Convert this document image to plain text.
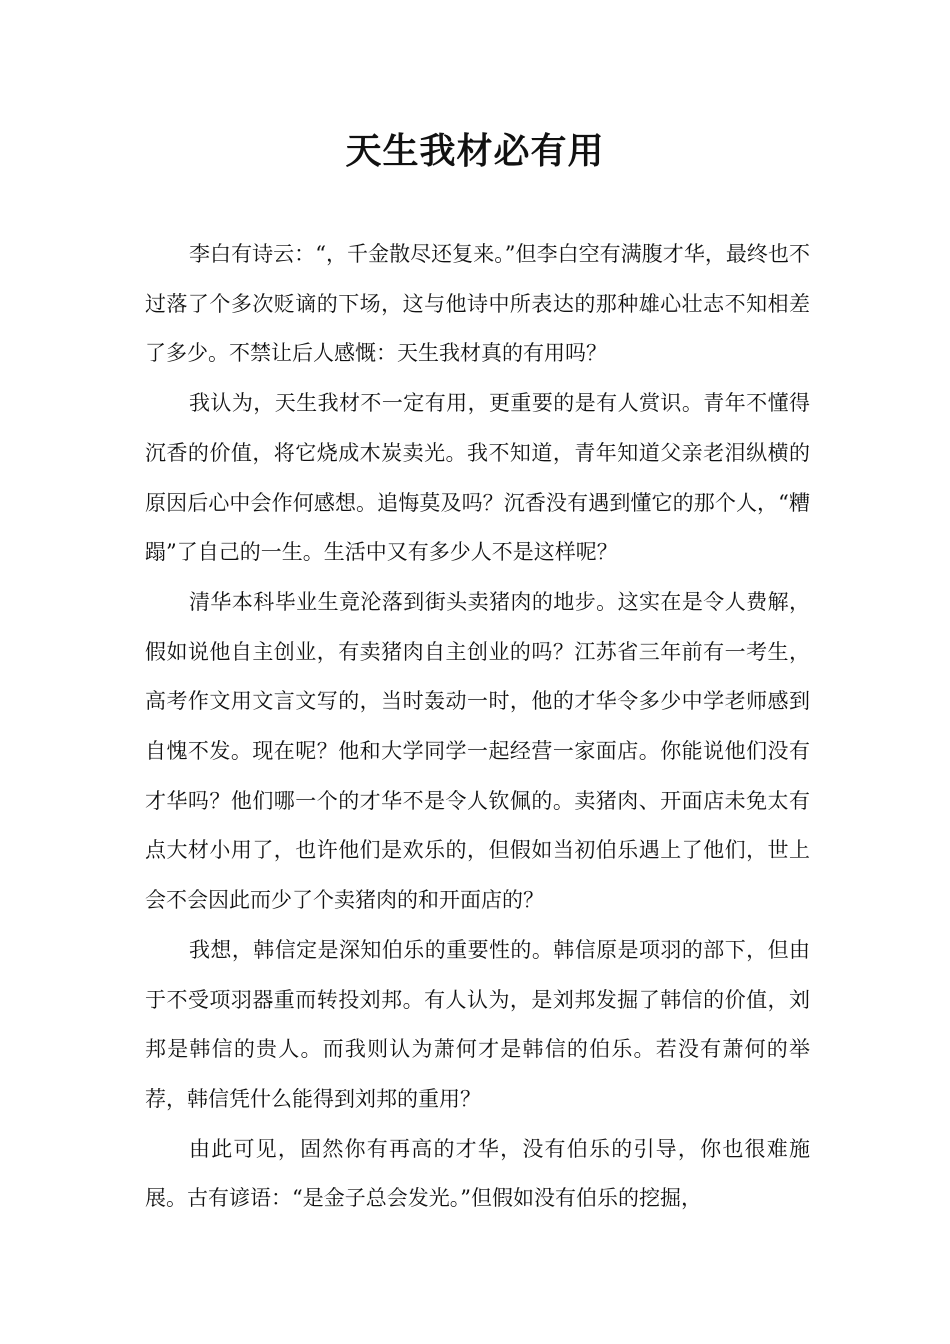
天生我材必有用

李白有诗云：“，千金散尽还复来。”但李白空有满腹才华，最终也不过落了个多次贬谪的下场，这与他诗中所表达的那种雄心壮志不知相差了多少。不禁让后人感慨：天生我材真的有用吗？

我认为，天生我材不一定有用，更重要的是有人赏识。青年不懂得沉香的价值，将它烧成木炭卖光。我不知道，青年知道父亲老泪纵横的原因后心中会作何感想。追悔莫及吗？沉香没有遇到懂它的那个人，“糟蹋”了自己的一生。生活中又有多少人不是这样呢？

清华本科毕业生竟沦落到街头卖猪肉的地步。这实在是令人费解，假如说他自主创业，有卖猪肉自主创业的吗？江苏省三年前有一考生，高考作文用文言文写的，当时轰动一时，他的才华令多少中学老师感到自愧不发。现在呢？他和大学同学一起经营一家面店。你能说他们没有才华吗？他们哪一个的才华不是令人钦佩的。卖猪肉、开面店未免太有点大材小用了，也许他们是欢乐的，但假如当初伯乐遇上了他们，世上会不会因此而少了个卖猪肉的和开面店的？

我想，韩信定是深知伯乐的重要性的。韩信原是项羽的部下，但由于不受项羽器重而转投刘邦。有人认为，是刘邦发掘了韩信的价值，刘邦是韩信的贵人。而我则认为萧何才是韩信的伯乐。若没有萧何的举荐，韩信凭什么能得到刘邦的重用？

由此可见，固然你有再高的才华，没有伯乐的引导，你也很难施展。古有谚语：“是金子总会发光。”但假如没有伯乐的挖掘，
